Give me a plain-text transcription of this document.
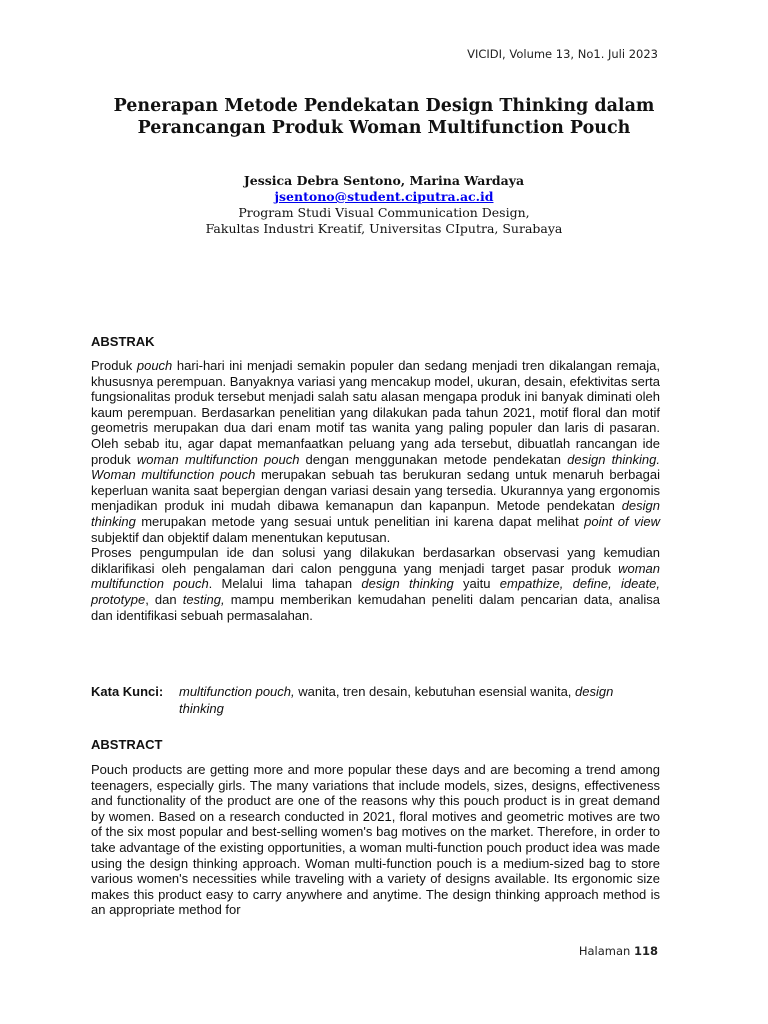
VICIDI, Volume 13, No1. Juli 2023
Penerapan Metode Pendekatan Design Thinking dalam
Perancangan Produk Woman Multifunction Pouch
Jessica Debra Sentono, Marina Wardaya
jsentono@student.ciputra.ac.id
Program Studi Visual Communication Design,
Fakultas Industri Kreatif, Universitas CIputra, Surabaya
ABSTRAK

Produk pouch hari-hari ini menjadi semakin populer dan sedang menjadi tren dikalangan remaja, khususnya perempuan. Banyaknya variasi yang mencakup model, ukuran, desain, efektivitas serta fungsionalitas produk tersebut menjadi salah satu alasan mengapa produk ini banyak diminati oleh kaum perempuan. Berdasarkan penelitian yang dilakukan pada tahun 2021, motif floral dan motif geometris merupakan dua dari enam motif tas wanita yang paling populer dan laris di pasaran. Oleh sebab itu, agar dapat memanfaatkan peluang yang ada tersebut, dibuatlah rancangan ide produk woman multifunction pouch dengan menggunakan metode pendekatan design thinking. Woman multifunction pouch merupakan sebuah tas berukuran sedang untuk menaruh berbagai keperluan wanita saat bepergian dengan variasi desain yang tersedia. Ukurannya yang ergonomis menjadikan produk ini mudah dibawa kemanapun dan kapanpun. Metode pendekatan design thinking merupakan metode yang sesuai untuk penelitian ini karena dapat melihat point of view subjektif dan objektif dalam menentukan keputusan.

Proses pengumpulan ide dan solusi yang dilakukan berdasarkan observasi yang kemudian diklarifikasi oleh pengalaman dari calon pengguna yang menjadi target pasar produk woman multifunction pouch. Melalui lima tahapan design thinking yaitu empathize, define, ideate, prototype, dan testing, mampu memberikan kemudahan peneliti dalam pencarian data, analisa dan identifikasi sebuah permasalahan.

Kata Kunci:	multifunction pouch, wanita, tren desain, kebutuhan esensial wanita, design thinking
ABSTRACT

Pouch products are getting more and more popular these days and are becoming a trend among teenagers, especially girls. The many variations that include models, sizes, designs, effectiveness and functionality of the product are one of the reasons why this pouch product is in great demand by women. Based on a research conducted in 2021, floral motives and geometric motives are two of the six most popular and best-selling women's bag motives on the market. Therefore, in order to take advantage of the existing opportunities, a woman multi-function pouch product idea was made using the design thinking approach. Woman multi-function pouch is a medium-sized bag to store various women's necessities while traveling with a variety of designs available. Its ergonomic size makes this product easy to carry anywhere and anytime. The design thinking approach method is an appropriate method for

Halaman 118
